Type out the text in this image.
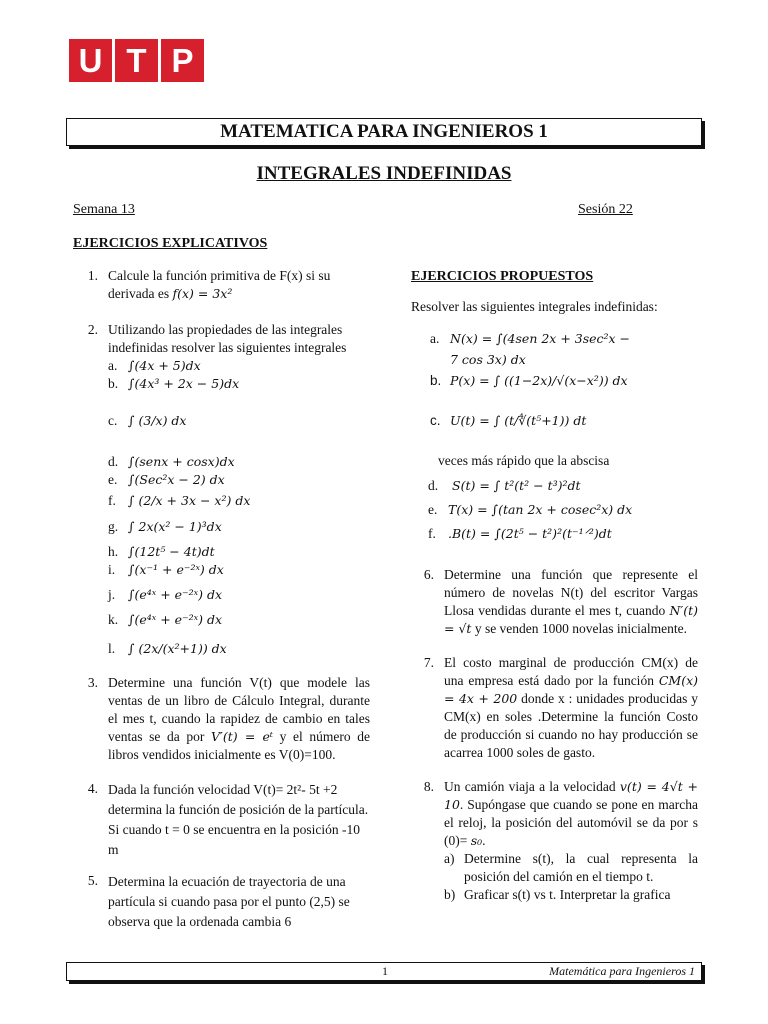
U T P
MATEMATICA PARA INGENIEROS 1
INTEGRALES INDEFINIDAS
Semana 13	Sesión 22
EJERCICIOS EXPLICATIVOS
1. Calcule la función primitiva de F(x) si su
derivada es f(x) = 3x²
2. Utilizando las propiedades de las integrales indefinidas resolver las siguientes integrales
a. ∫(4x + 5)dx
b. ∫(4x³ + 2x − 5)dx
c. ∫ (3/x) dx
d. ∫(senx + cosx)dx
e. ∫(Sec²x − 2) dx
f. ∫ (2/x + 3x − x²) dx
g. ∫ 2x(x² − 1)³dx
h. ∫(12t⁵ − 4t)dt
i.	∫(x⁻¹ + e⁻²ˣ) dx
j.	∫(e⁴ˣ + e⁻²ˣ) dx
k. ∫(e⁴ˣ + e⁻²ˣ) dx
l.	∫ (2x/(x²+1)) dx
3. Determine una función V(t) que modele las ventas de un libro de Cálculo Integral, durante el mes t, cuando la rapidez de cambio en tales ventas se da por V′(t) = eᵗ y el número de libros vendidos inicialmente es V(0)=100.
4. Dada la función velocidad V(t)= 2t²- 5t +2 determina la función de posición de la partícula. Si cuando t = 0 se encuentra en la posición -10 m
5. Determina la ecuación de trayectoria de una partícula si cuando pasa por el punto (2,5) se observa que la ordenada cambia 6
EJERCICIOS PROPUESTOS
Resolver las siguientes integrales indefinidas:
a. N(x) = ∫(4sen 2x + 3sec²x −
7 cos 3x) dx
b. P(x) = ∫ ((1−2x)/√(x−x²)) dx
c. U(t) = ∫ (t/∜(t⁵+1)) dt
veces más rápido que la abscisa
d.	S(t) = ∫ t²(t² − t³)²dt
e. T(x) = ∫(tan 2x + cosec²x) dx
f. .B(t) = ∫(2t⁵ − t²)²(t⁻¹ᐟ²)dt
6. Determine una función que represente el número de novelas N(t) del escritor Vargas Llosa vendidas durante el mes t, cuando N′(t) = √t y se venden 1000 novelas inicialmente.
7. El costo marginal de producción CM(x) de una empresa está dado por la función CM(x) = 4x + 200 donde x : unidades producidas y CM(x) en soles .Determine la función Costo de producción si cuando no hay producción se acarrea 1000 soles de gasto.
8. Un camión viaja a la velocidad v(t) = 4√t + 10. Supóngase que cuando se pone en marcha el reloj, la posición del automóvil se da por s (0)= s₀.
a) Determine s(t), la cual representa la posición del camión en el tiempo t.
b) Graficar s(t) vs t. Interpretar la grafica
1	Matemática para Ingenieros 1
